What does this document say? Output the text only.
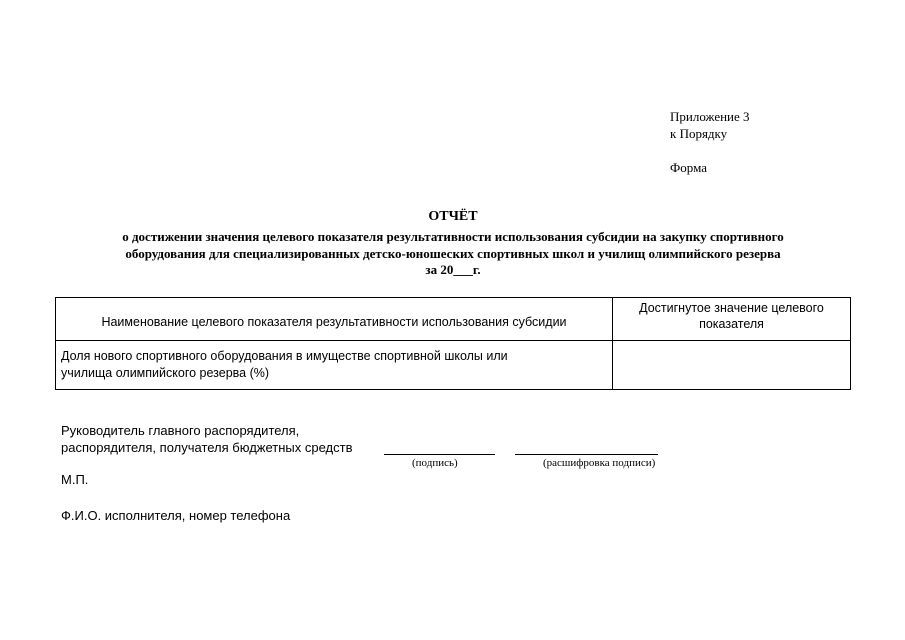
Приложение 3
к Порядку
Форма
ОТЧЁТ
о достижении значения целевого показателя результативности использования субсидии на закупку спортивного
оборудования для специализированных детско-юношеских спортивных школ и училищ олимпийского резерва
за 20___г.
Наименование целевого показателя результативности использования субсидии	Достигнутое значение целевого
показателя

Доля нового спортивного оборудования в имуществе спортивной школы или
училища олимпийского резерва (%)	

Руководитель главного распорядителя,
распорядителя, получателя бюджетных средств
(подпись)	(расшифровка подписи)
М.П.
Ф.И.О. исполнителя, номер телефона
